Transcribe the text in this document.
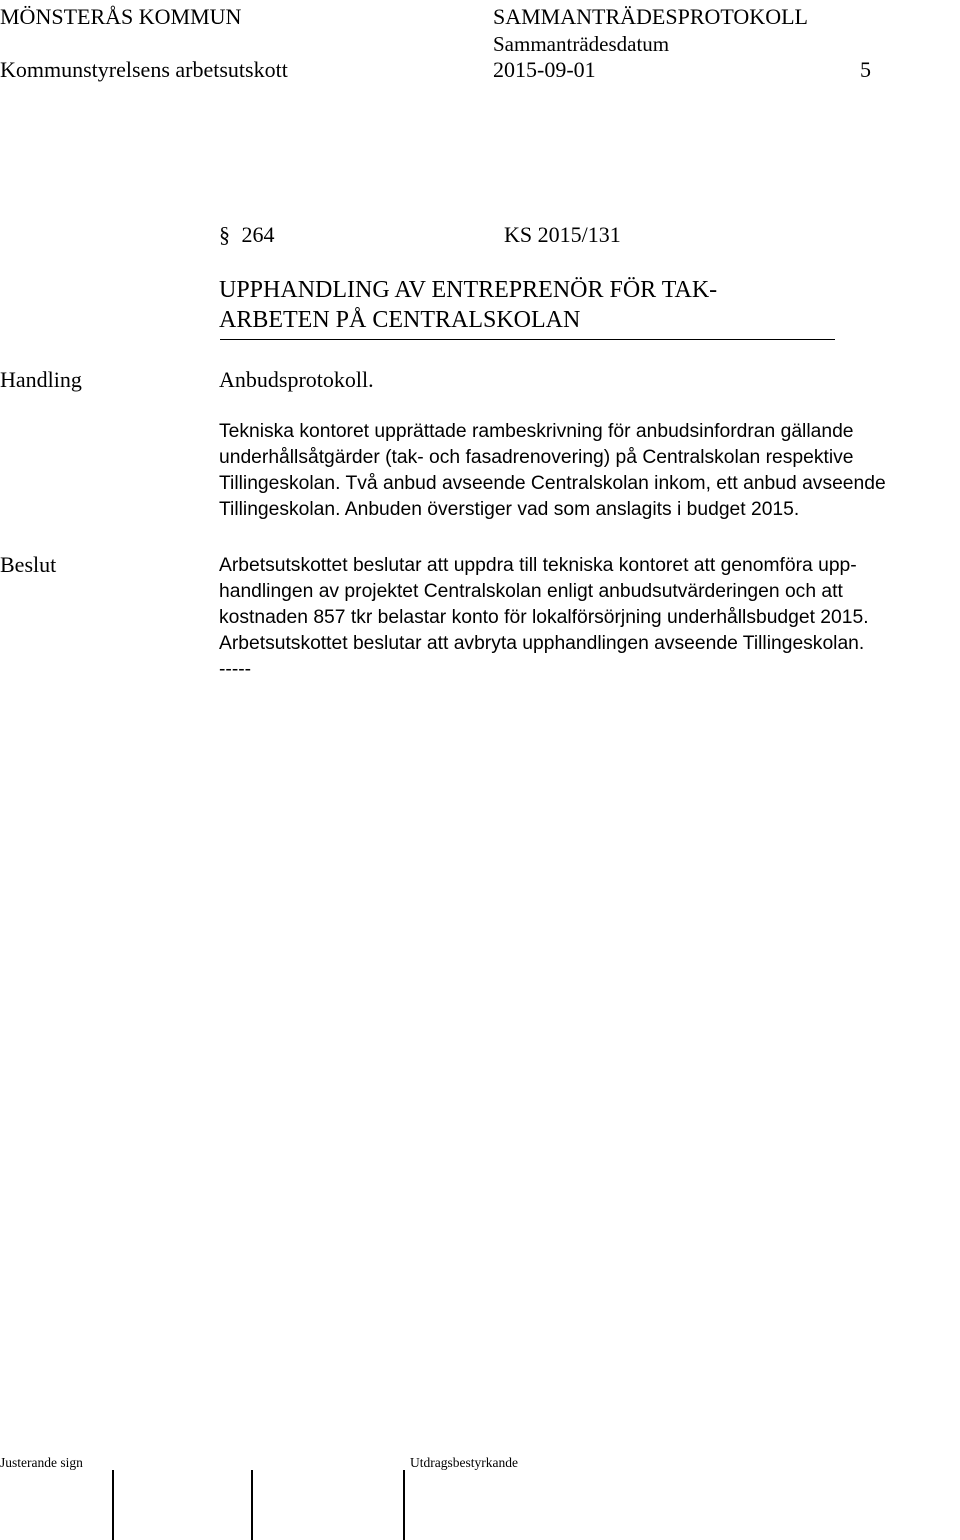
MÖNSTERÅS KOMMUN
Kommunstyrelsens arbetsutskott
SAMMANTRÄDESPROTOKOLL
Sammanträdesdatum
2015-09-01	5
§ 264	KS 2015/131
UPPHANDLING AV ENTREPRENÖR FÖR TAK-
ARBETEN PÅ CENTRALSKOLAN
Handling	Anbudsprotokoll.
Tekniska kontoret upprättade rambeskrivning för anbudsinfordran gällande
underhållsåtgärder (tak- och fasadrenovering) på Centralskolan respektive
Tillingeskolan. Två anbud avseende Centralskolan inkom, ett anbud avseende
Tillingeskolan. Anbuden överstiger vad som anslagits i budget 2015.
Beslut	Arbetsutskottet beslutar att uppdra till tekniska kontoret att genomföra upp-
handlingen av projektet Centralskolan enligt anbudsutvärderingen och att
kostnaden 857 tkr belastar konto för lokalförsörjning underhållsbudget 2015.
Arbetsutskottet beslutar att avbryta upphandlingen avseende Tillingeskolan.
-----
Justerande sign	Utdragsbestyrkande
